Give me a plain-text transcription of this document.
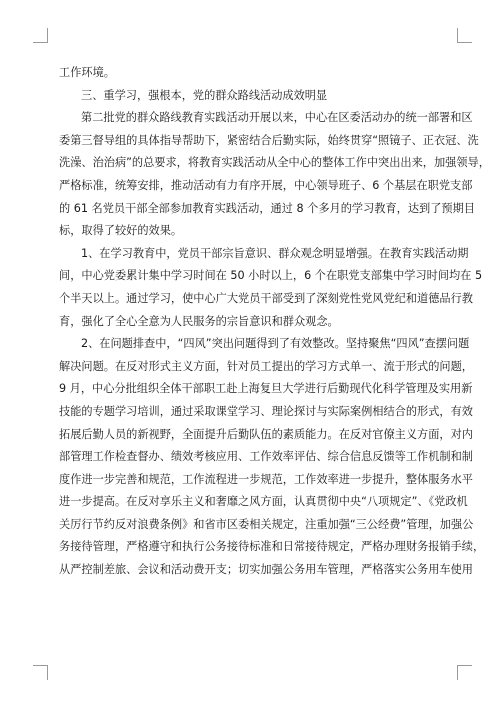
工作环境。
三、重学习，强根本，党的群众路线活动成效明显
第二批党的群众路线教育实践活动开展以来，中心在区委活动办的统一部署和区
委第三督导组的具体指导帮助下，紧密结合后勤实际，始终贯穿“照镜子、正衣冠、洗
洗澡、治治病”的总要求，将教育实践活动从全中心的整体工作中突出出来，加强领导，
严格标准，统筹安排，推动活动有力有序开展，中心领导班子、6 个基层在职党支部
的 61 名党员干部全部参加教育实践活动，通过 8 个多月的学习教育，达到了预期目
标，取得了较好的效果。
1、在学习教育中，党员干部宗旨意识、群众观念明显增强。在教育实践活动期
间，中心党委累计集中学习时间在 50 小时以上，6 个在职党支部集中学习时间均在 5
个半天以上。通过学习，使中心广大党员干部受到了深刻党性党风党纪和道德品行教
育，强化了全心全意为人民服务的宗旨意识和群众观念。
2、在问题排查中，“四风”突出问题得到了有效整改。坚持聚焦“四风”查摆问题
解决问题。在反对形式主义方面，针对员工提出的学习方式单一、流于形式的问题，
9 月，中心分批组织全体干部职工赴上海复旦大学进行后勤现代化科学管理及实用新
技能的专题学习培训，通过采取课堂学习、理论探讨与实际案例相结合的形式，有效
拓展后勤人员的新视野，全面提升后勤队伍的素质能力。在反对官僚主义方面，对内
部管理工作检查督办、绩效考核应用、工作效率评估、综合信息反馈等工作机制和制
度作进一步完善和规范，工作流程进一步规范，工作效率进一步提升，整体服务水平
进一步提高。在反对享乐主义和奢靡之风方面，认真贯彻中央“八项规定”、《党政机
关厉行节约反对浪费条例》和省市区委相关规定，注重加强“三公经费”管理，加强公
务接待管理，严格遵守和执行公务接待标准和日常接待规定，严格办理财务报销手续，
从严控制差旅、会议和活动费开支；切实加强公务用车管理，严格落实公务用车使用
